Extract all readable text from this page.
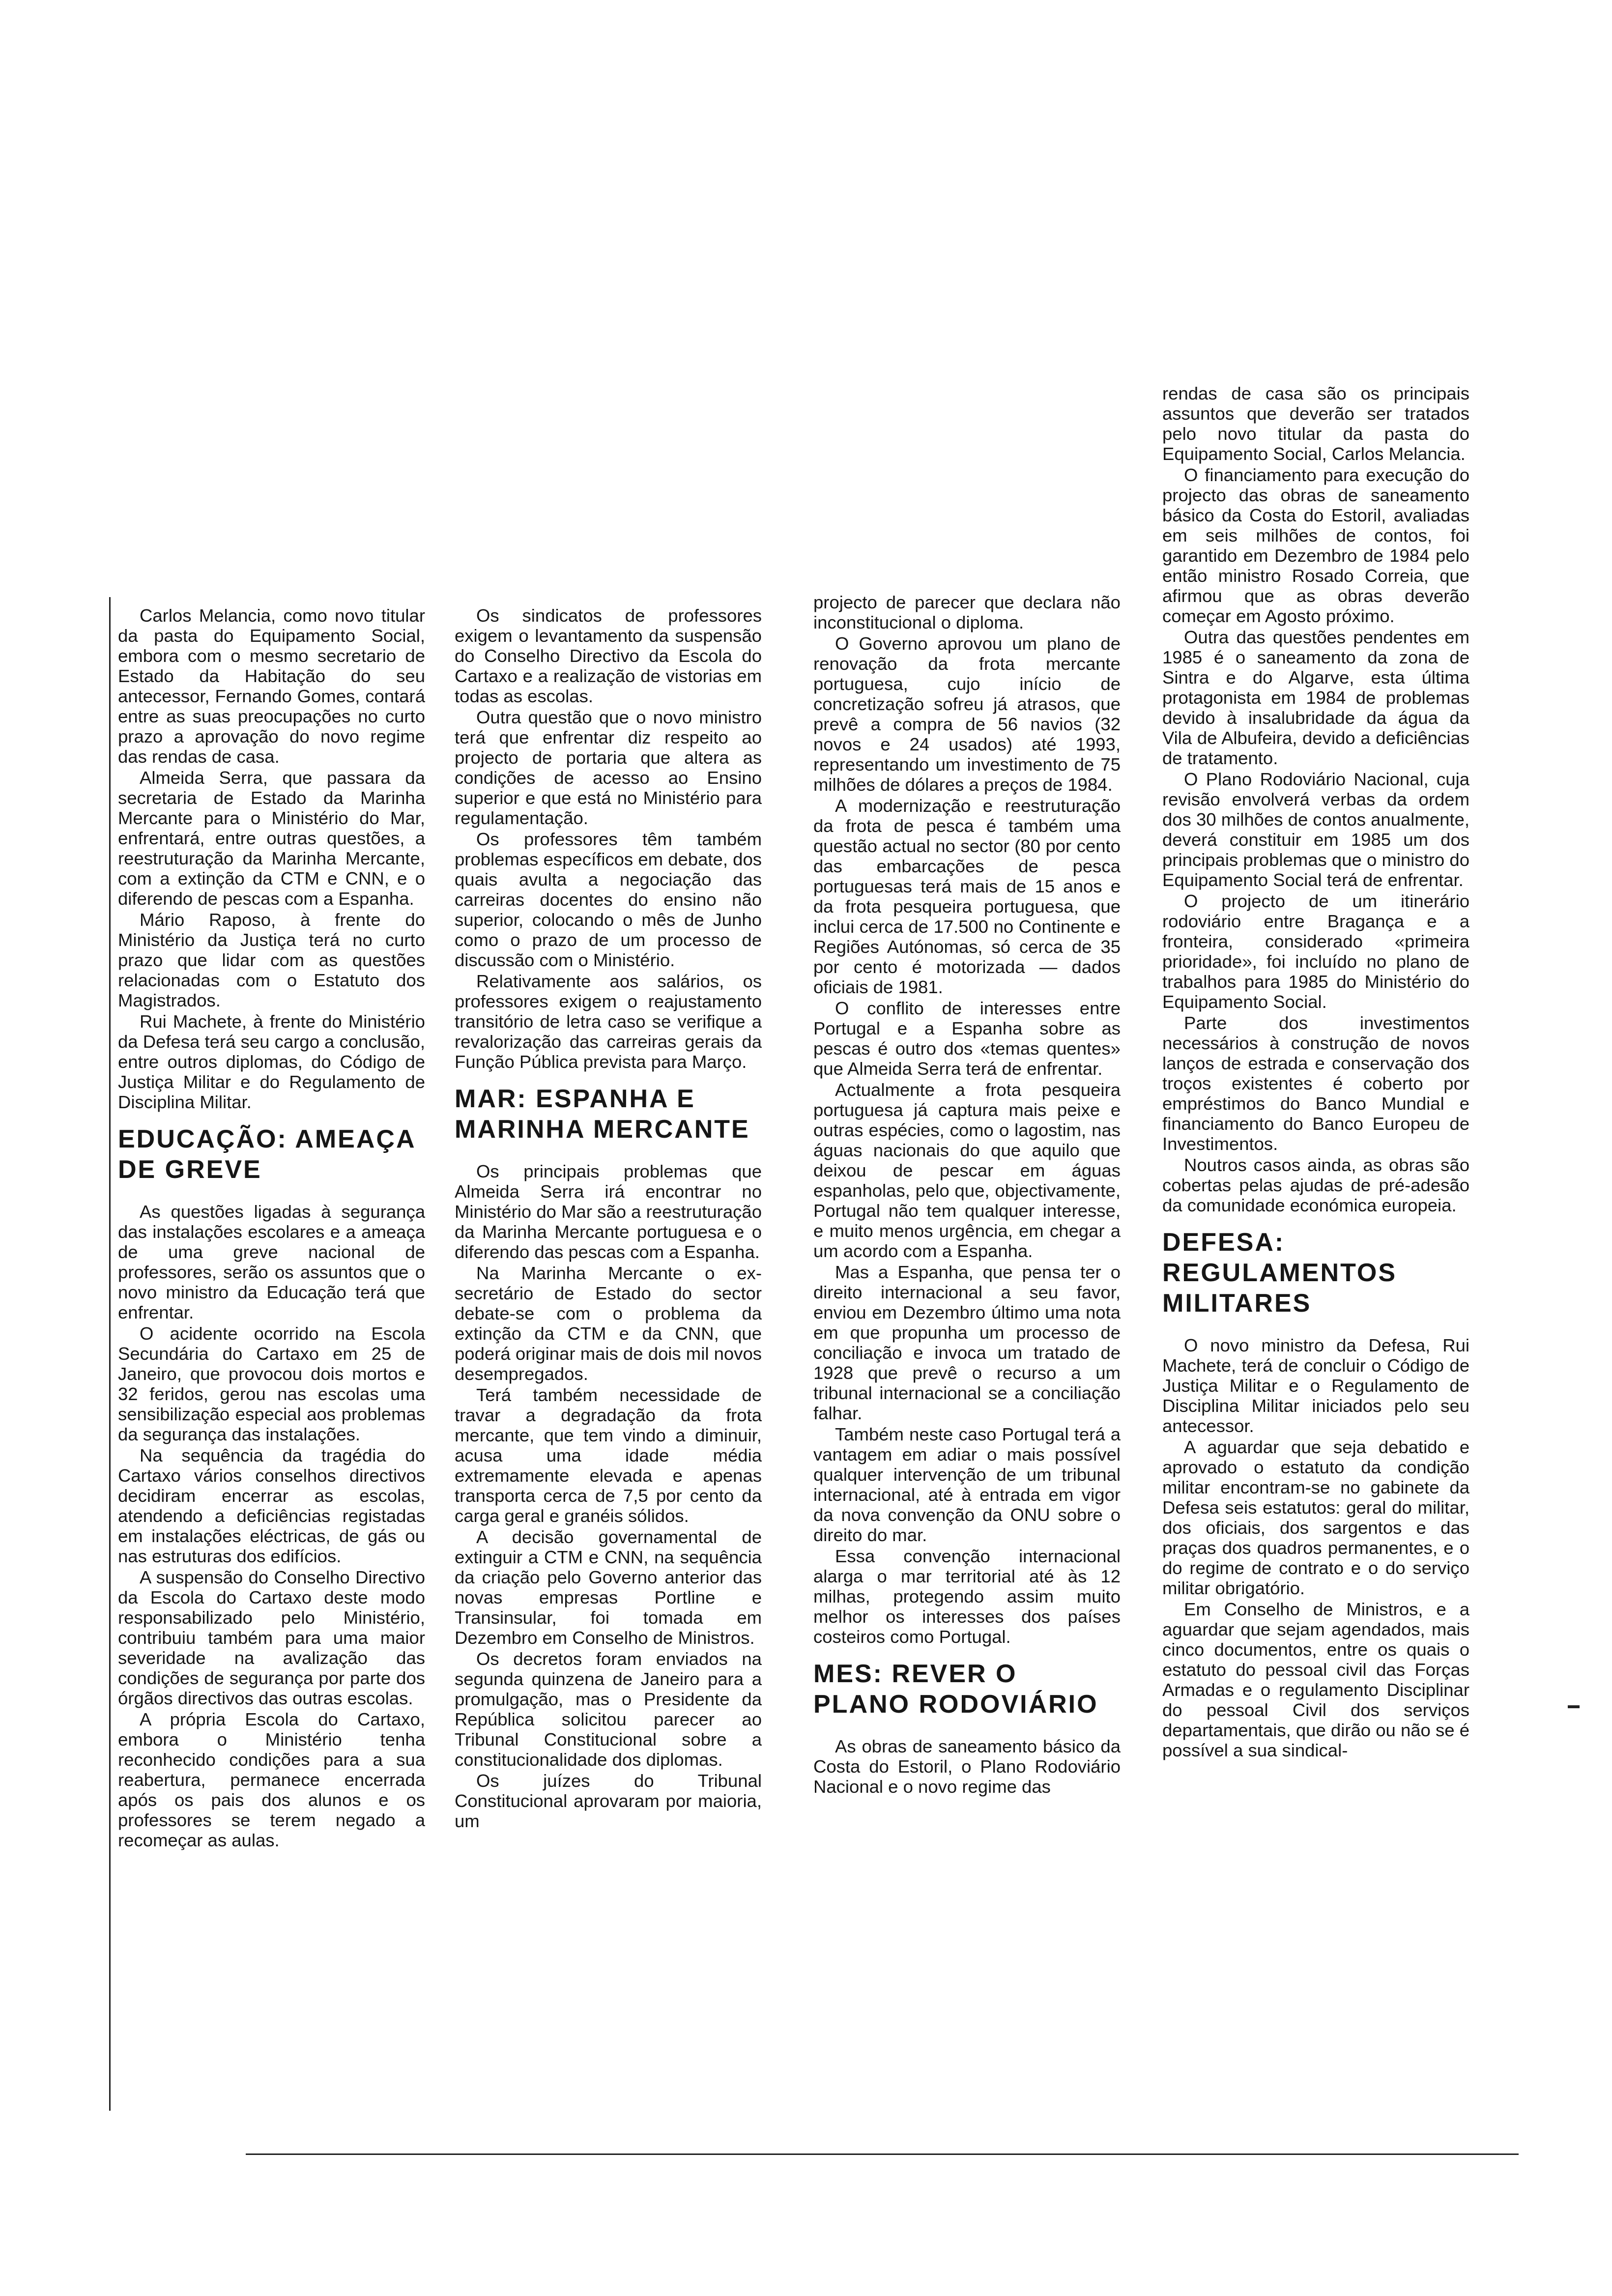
Carlos Melancia, como novo titular da pasta do Equipamento Social, embora com o mesmo secretario de Estado da Habitação do seu antecessor, Fernando Gomes, contará entre as suas preocupações no curto prazo a aprovação do novo regime das rendas de casa.

Almeida Serra, que passara da secretaria de Estado da Marinha Mercante para o Ministério do Mar, enfrentará, entre outras questões, a reestruturação da Marinha Mercante, com a extinção da CTM e CNN, e o diferendo de pescas com a Espanha.

Mário Raposo, à frente do Ministério da Justiça terá no curto prazo que lidar com as questões relacionadas com o Estatuto dos Magistrados.

Rui Machete, à frente do Ministério da Defesa terá seu cargo a conclusão, entre outros diplomas, do Código de Justiça Militar e do Regulamento de Disciplina Militar.

EDUCAÇÃO: AMEAÇA DE GREVE

As questões ligadas à segurança das instalações escolares e a ameaça de uma greve nacional de professores, serão os assuntos que o novo ministro da Educação terá que enfrentar.

O acidente ocorrido na Escola Secundária do Cartaxo em 25 de Janeiro, que provocou dois mortos e 32 feridos, gerou nas escolas uma sensibilização especial aos problemas da segurança das instalações.

Na sequência da tragédia do Cartaxo vários conselhos directivos decidiram encerrar as escolas, atendendo a deficiências registadas em instalações eléctricas, de gás ou nas estruturas dos edifícios.

A suspensão do Conselho Directivo da Escola do Cartaxo deste modo responsabilizado pelo Ministério, contribuiu também para uma maior severidade na avalização das condições de segurança por parte dos órgãos directivos das outras escolas.

A própria Escola do Cartaxo, embora o Ministério tenha reconhecido condições para a sua reabertura, permanece encerrada após os pais dos alunos e os professores se terem negado a recomeçar as aulas.

Os sindicatos de professores exigem o levantamento da suspensão do Conselho Directivo da Escola do Cartaxo e a realização de vistorias em todas as escolas.

Outra questão que o novo ministro terá que enfrentar diz respeito ao projecto de portaria que altera as condições de acesso ao Ensino superior e que está no Ministério para regulamentação.

Os professores têm também problemas específicos em debate, dos quais avulta a negociação das carreiras docentes do ensino não superior, colocando o mês de Junho como o prazo de um processo de discussão com o Ministério.

Relativamente aos salários, os professores exigem o reajustamento transitório de letra caso se verifique a revalorização das carreiras gerais da Função Pública prevista para Março.

MAR: ESPANHA E MARINHA MERCANTE

Os principais problemas que Almeida Serra irá encontrar no Ministério do Mar são a reestruturação da Marinha Mercante portuguesa e o diferendo das pescas com a Espanha.

Na Marinha Mercante o ex-secretário de Estado do sector debate-se com o problema da extinção da CTM e da CNN, que poderá originar mais de dois mil novos desempregados.

Terá também necessidade de travar a degradação da frota mercante, que tem vindo a diminuir, acusa uma idade média extremamente elevada e apenas transporta cerca de 7,5 por cento da carga geral e granéis sólidos.

A decisão governamental de extinguir a CTM e CNN, na sequência da criação pelo Governo anterior das novas empresas Portline e Transinsular, foi tomada em Dezembro em Conselho de Ministros.

Os decretos foram enviados na segunda quinzena de Janeiro para a promulgação, mas o Presidente da República solicitou parecer ao Tribunal Constitucional sobre a constitucionalidade dos diplomas.

Os juízes do Tribunal Constitucional aprovaram por maioria, um

projecto de parecer que declara não inconstitucional o diploma.

O Governo aprovou um plano de renovação da frota mercante portuguesa, cujo início de concretização sofreu já atrasos, que prevê a compra de 56 navios (32 novos e 24 usados) até 1993, representando um investimento de 75 milhões de dólares a preços de 1984.

A modernização e reestruturação da frota de pesca é também uma questão actual no sector (80 por cento das embarcações de pesca portuguesas terá mais de 15 anos e da frota pesqueira portuguesa, que inclui cerca de 17.500 no Continente e Regiões Autónomas, só cerca de 35 por cento é motorizada — dados oficiais de 1981.

O conflito de interesses entre Portugal e a Espanha sobre as pescas é outro dos «temas quentes» que Almeida Serra terá de enfrentar.

Actualmente a frota pesqueira portuguesa já captura mais peixe e outras espécies, como o lagostim, nas águas nacionais do que aquilo que deixou de pescar em águas espanholas, pelo que, objectivamente, Portugal não tem qualquer interesse, e muito menos urgência, em chegar a um acordo com a Espanha.

Mas a Espanha, que pensa ter o direito internacional a seu favor, enviou em Dezembro último uma nota em que propunha um processo de conciliação e invoca um tratado de 1928 que prevê o recurso a um tribunal internacional se a conciliação falhar.

Também neste caso Portugal terá a vantagem em adiar o mais possível qualquer intervenção de um tribunal internacional, até à entrada em vigor da nova convenção da ONU sobre o direito do mar.

Essa convenção internacional alarga o mar territorial até às 12 milhas, protegendo assim muito melhor os interesses dos países costeiros como Portugal.

MES: REVER O PLANO RODOVIÁRIO

As obras de saneamento básico da Costa do Estoril, o Plano Rodoviário Nacional e o novo regime das

rendas de casa são os principais assuntos que deverão ser tratados pelo novo titular da pasta do Equipamento Social, Carlos Melancia.

O financiamento para execução do projecto das obras de saneamento básico da Costa do Estoril, avaliadas em seis milhões de contos, foi garantido em Dezembro de 1984 pelo então ministro Rosado Correia, que afirmou que as obras deverão começar em Agosto próximo.

Outra das questões pendentes em 1985 é o saneamento da zona de Sintra e do Algarve, esta última protagonista em 1984 de problemas devido à insalubridade da água da Vila de Albufeira, devido a deficiências de tratamento.

O Plano Rodoviário Nacional, cuja revisão envolverá verbas da ordem dos 30 milhões de contos anualmente, deverá constituir em 1985 um dos principais problemas que o ministro do Equipamento Social terá de enfrentar.

O projecto de um itinerário rodoviário entre Bragança e a fronteira, considerado «primeira prioridade», foi incluído no plano de trabalhos para 1985 do Ministério do Equipamento Social.

Parte dos investimentos necessários à construção de novos lanços de estrada e conservação dos troços existentes é coberto por empréstimos do Banco Mundial e financiamento do Banco Europeu de Investimentos.

Noutros casos ainda, as obras são cobertas pelas ajudas de pré-adesão da comunidade económica europeia.

DEFESA: REGULAMENTOS MILITARES

O novo ministro da Defesa, Rui Machete, terá de concluir o Código de Justiça Militar e o Regulamento de Disciplina Militar iniciados pelo seu antecessor.

A aguardar que seja debatido e aprovado o estatuto da condição militar encontram-se no gabinete da Defesa seis estatutos: geral do militar, dos oficiais, dos sargentos e das praças dos quadros permanentes, e o do regime de contrato e o do serviço militar obrigatório.

Em Conselho de Ministros, e a aguardar que sejam agendados, mais cinco documentos, entre os quais o estatuto do pessoal civil das Forças Armadas e o regulamento Disciplinar do pessoal Civil dos serviços departamentais, que dirão ou não se é possível a sua sindical-
